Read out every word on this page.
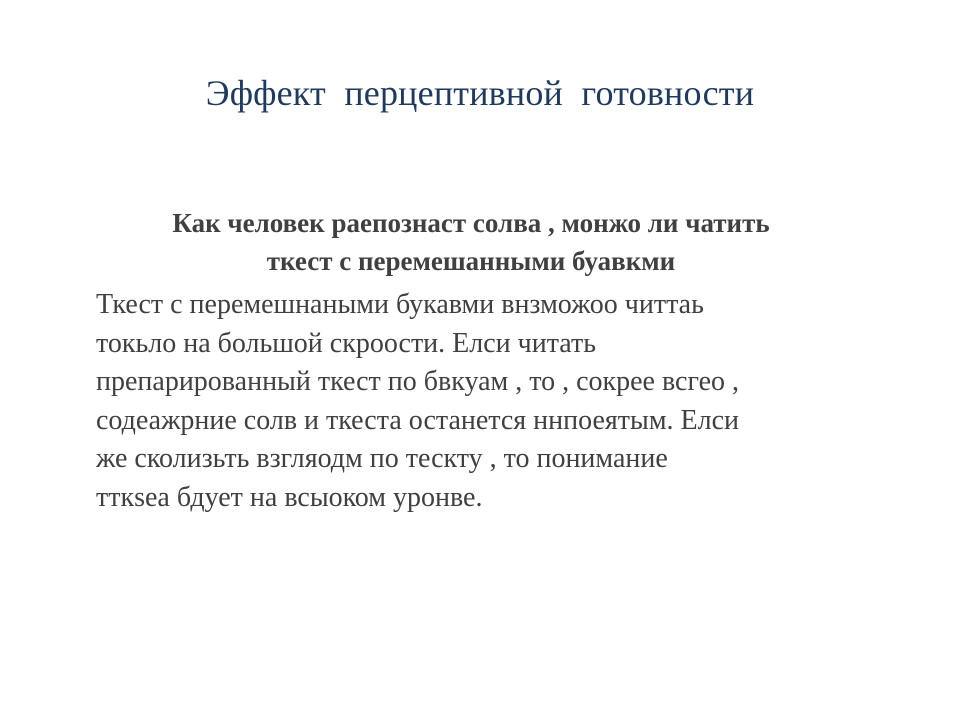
Эффект  перцептивной  готовности
Как человек раепознаст солва , монжо ли чатить
ткест с перемешанными буавкми
Ткест с перемешнаными букавми внзможоо читтаь
токьло на большой скроости. Елси читать
препарированный ткест по бвкуам , то , сокрее всгео ,
содеажрние солв и ткеста останется ннпоеятым. Елси
же сколизьть взгляодм по тескту , то понимание
тткsea бдует на всыоком уронве.
